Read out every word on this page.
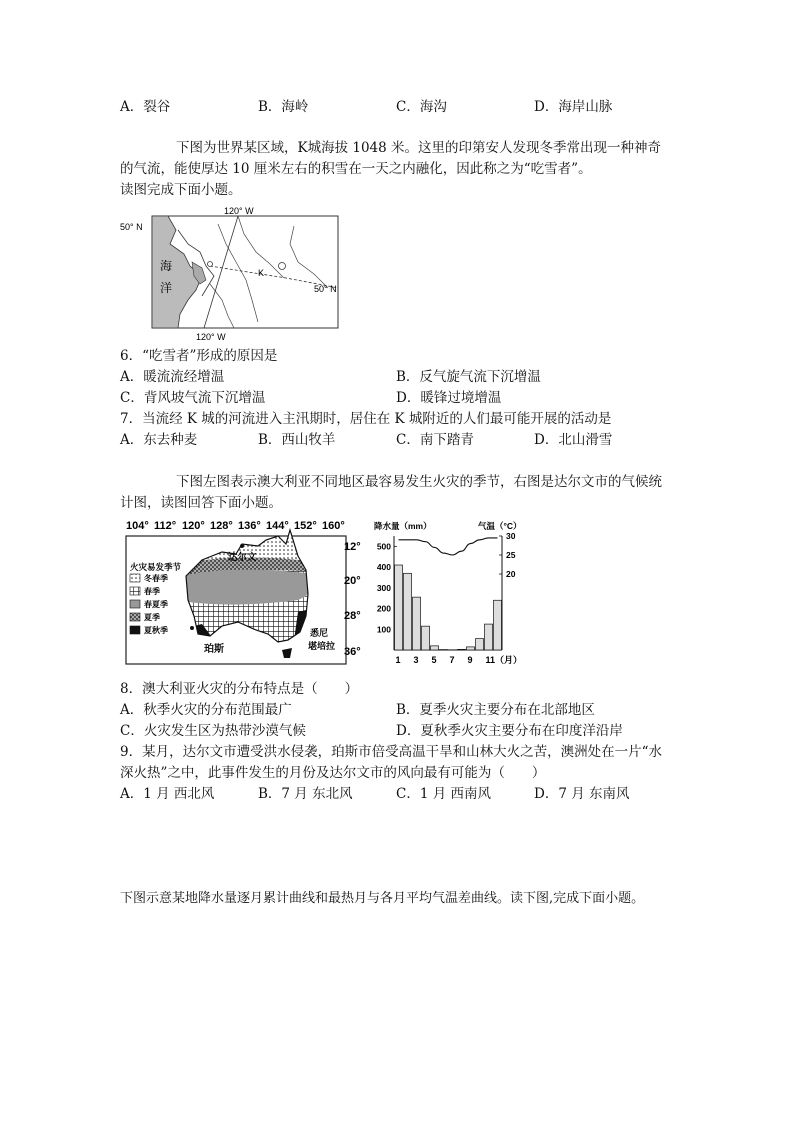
A．裂谷	B．海岭	C．海沟	D．海岸山脉
下图为世界某区域，K城海拔 1048 米。这里的印第安人发现冬季常出现一种神奇
的气流，能使厚达 10 厘米左右的积雪在一天之内融化，因此称之为“吃雪者”。
读图完成下面小题。
K
120° W
120° W
50° N
50° N
海
洋
6．“吃雪者”形成的原因是
A．暖流流经增温	B．反气旋气流下沉增温
C．背风坡气流下沉增温	D．暖锋过境增温
7．当流经 K 城的河流进入主汛期时，居住在 K 城附近的人们最可能开展的活动是
A．东去种麦	B．西山牧羊	C．南下踏青	D．北山滑雪
下图左图表示澳大利亚不同地区最容易发生火灾的季节，右图是达尔文市的气候统
计图，读图回答下面小题。
104° 112° 120° 128° 136° 144° 152° 160°
12°
20°
28°
36°
火灾易发季节
冬春季
春季
春夏季
夏季
夏秋季
达尔文
珀斯
悉尼
堪培拉
降水量（mm）	气温（°C）
100
200
300
400
500
20
25
30
1 3 5 7 9 11（月）
8．澳大利亚火灾的分布特点是（　　）
A．秋季火灾的分布范围最广	B．夏季火灾主要分布在北部地区
C．火灾发生区为热带沙漠气候	D．夏秋季火灾主要分布在印度洋沿岸
9．某月，达尔文市遭受洪水侵袭，珀斯市倍受高温干旱和山林大火之苦，澳洲处在一片“水
深火热”之中，此事件发生的月份及达尔文市的风向最有可能为（　　）
A．1 月 西北风	B．7 月 东北风	C．1 月 西南风	D．7 月 东南风
下图示意某地降水量逐月累计曲线和最热月与各月平均气温差曲线。读下图,完成下面小题。
